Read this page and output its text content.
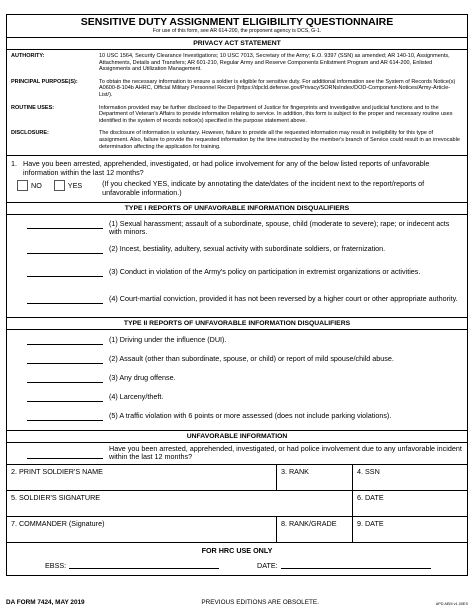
SENSITIVE DUTY ASSIGNMENT ELIGIBILITY QUESTIONNAIRE
For use of this form, see AR 614-200, the proponent agency is DCS, G-1.
PRIVACY ACT STATEMENT
AUTHORITY:	10 USC 1564, Security Clearance Investigations; 10 USC 7013, Secretary of the Army; E.O. 9397 (SSN) as amended; AR 140-10, Assignments, Attachments, Details and Transfers; AR 601-210, Regular Army and Reserve Components Enlistment Program and AR 614-200, Enlisted Assignments and Utilization Management.
PRINCIPAL PURPOSE(S):	To obtain the necessary information to ensure a soldier is eligible for sensitive duty. For additional information see the System of Records Notice(s) A0600-8-104b AHRC, Official Military Personnel Record (https://dpcld.defense.gov/Privacy/SORNsIndex/DOD-Component-Notices/Army-Article-List/).
ROUTINE USES:	Information provided may be further disclosed to the Department of Justice for fingerprints and investigative and judicial functions and to the Department of Veteran's Affairs to provide information relating to service. In addition, this form is subject to the proper and necessary routine uses identified in the system of records notice(s) specified in the purpose statement above.
DISCLOSURE:	The disclosure of information is voluntary. However, failure to provide all the requested information may result in ineligibility for this type of assignment. Also, failure to provide the requested information by the time instructed by the member's branch of Service could result in an irrevocable determination affecting the application for training.
1. Have you been arrested, apprehended, investigated, or had police involvement for any of the below listed reports of unfavorable information within the last 12 months?
NO	YES	(If you checked YES, indicate by annotating the date/dates of the incident next to the report/reports of unfavorable information.)
TYPE I REPORTS OF UNFAVORABLE INFORMATION DISQUALIFIERS
(1) Sexual harassment; assault of a subordinate, spouse, child (moderate to severe); rape; or indecent acts with minors.
(2) Incest, bestiality, adultery, sexual activity with subordinate soldiers, or fraternization.
(3) Conduct in violation of the Army's policy on participation in extremist organizations or activities.
(4) Court-martial conviction, provided it has not been reversed by a higher court or other appropriate authority.
TYPE II REPORTS OF UNFAVORABLE INFORMATION DISQUALIFIERS
(1) Driving under the influence (DUI).
(2) Assault (other than subordinate, spouse, or child) or report of mild spouse/child abuse.
(3) Any drug offense.
(4) Larceny/theft.
(5) A traffic violation with 6 points or more assessed (does not include parking violations).
UNFAVORABLE INFORMATION
Have you been arrested, apprehended, investigated, or had police involvement due to any unfavorable incident within the last 12 months?
2. PRINT SOLDIER'S NAME	3. RANK	4. SSN
5. SOLDIER'S SIGNATURE	6. DATE
7. COMMANDER (Signature)	8. RANK/GRADE	9. DATE
FOR HRC USE ONLY
EBSS:	DATE:
DA FORM 7424, MAY 2019	PREVIOUS EDITIONS ARE OBSOLETE.	APD AEM v1.00ES
